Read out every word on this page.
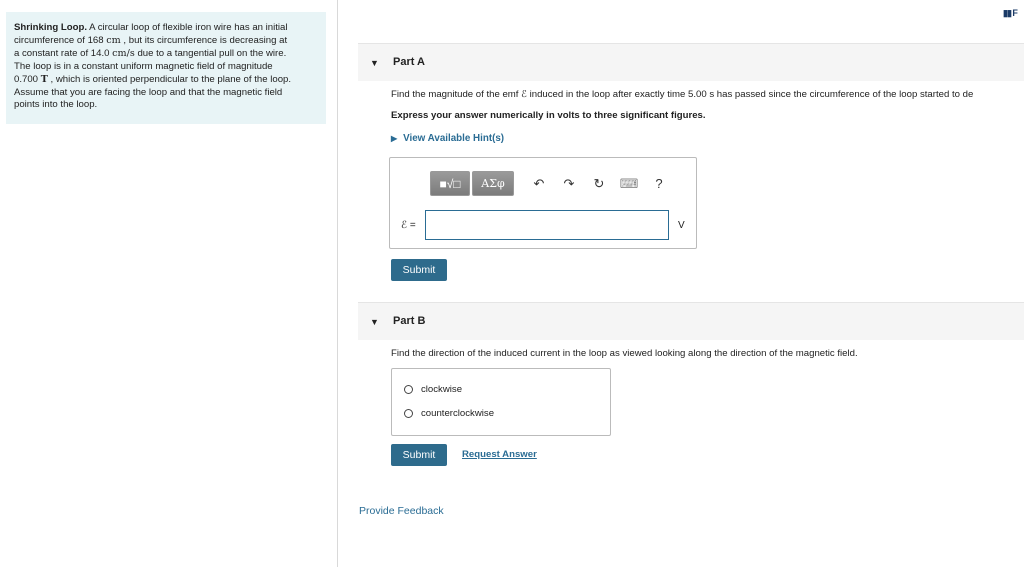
Shrinking Loop. A circular loop of flexible iron wire has an initial
circumference of 168 cm , but its circumference is decreasing at
a constant rate of 14.0 cm/s due to a tangential pull on the wire.
The loop is in a constant uniform magnetic field of magnitude
0.700 T , which is oriented perpendicular to the plane of the loop.
Assume that you are facing the loop and that the magnetic field
points into the loop.
▮▮ F
▼ Part A
Find the magnitude of the emf ℰ induced in the loop after exactly time 5.00 s has passed since the circumference of the loop started to de
Express your answer numerically in volts to three significant figures.
▶ View Available Hint(s)
■√□	ΑΣφ	↶	↷	↻	⌨	?
ℰ =	V
Submit
▼ Part B
Find the direction of the induced current in the loop as viewed looking along the direction of the magnetic field.
clockwise
counterclockwise
Submit	Request Answer
Provide Feedback
